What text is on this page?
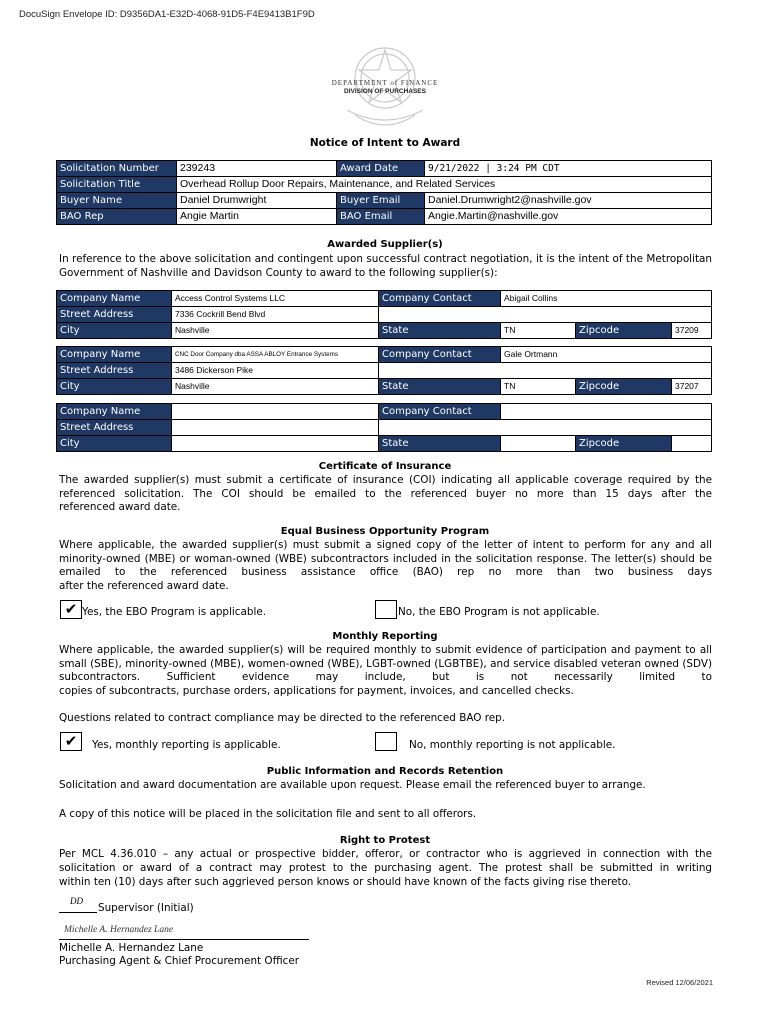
DocuSign Envelope ID: D9356DA1-E32D-4068-91D5-F4E9413B1F9D
DEPARTMENT of FINANCE
DIVISION OF PURCHASES
Notice of Intent to Award
Solicitation Number	239243	Award Date	9/21/2022 | 3:24 PM CDT
Solicitation Title	Overhead Rollup Door Repairs, Maintenance, and Related Services		
Buyer Name	Daniel Drumwright	Buyer Email	Daniel.Drumwright2@nashville.gov
BAO Rep	Angie Martin	BAO Email	Angie.Martin@nashville.gov
Awarded Supplier(s)
In reference to the above solicitation and contingent upon successful contract negotiation, it is the intent of the Metropolitan Government of Nashville and Davidson County to award to the following supplier(s):
Company Name	Access Control Systems LLC	Company Contact	Abigail Collins		
Street Address	7336 Cockrill Bend Blvd				
City	Nashville	State	TN	Zipcode	37209
Company Name	CNC Door Company dba ASSA ABLOY Entrance Systems	Company Contact	Gale Ortmann		
Street Address	3486 Dickerson Pike				
City	Nashville	State	TN	Zipcode	37207
Company Name		Company Contact			
Street Address					
City		State		Zipcode	
Certificate of Insurance
The awarded supplier(s) must submit a certificate of insurance (COI) indicating all applicable coverage required by the referenced solicitation. The COI should be emailed to the referenced buyer no more than 15 days after the
referenced award date.
Equal Business Opportunity Program
Where applicable, the awarded supplier(s) must submit a signed copy of the letter of intent to perform for any and all minority-owned (MBE) or woman-owned (WBE) subcontractors included in the solicitation response. The letter(s) should be emailed to the referenced business assistance office (BAO) rep no more than two business days
after the referenced award date.
✔ Yes, the EBO Program is applicable.	No, the EBO Program is not applicable.
Monthly Reporting
Where applicable, the awarded supplier(s) will be required monthly to submit evidence of participation and payment to all small (SBE), minority-owned (MBE), women-owned (WBE), LGBT-owned (LGBTBE), and service disabled veteran owned (SDV) subcontractors. Sufficient evidence may include, but is not necessarily limited to
copies of subcontracts, purchase orders, applications for payment, invoices, and cancelled checks.
Questions related to contract compliance may be directed to the referenced BAO rep.
✔	Yes, monthly reporting is applicable.	No, monthly reporting is not applicable.
Public Information and Records Retention
Solicitation and award documentation are available upon request. Please email the referenced buyer to arrange.
A copy of this notice will be placed in the solicitation file and sent to all offerors.
Right to Protest
Per MCL 4.36.010 – any actual or prospective bidder, offeror, or contractor who is aggrieved in connection with the solicitation or award of a contract may protest to the purchasing agent. The protest shall be submitted in writing
within ten (10) days after such aggrieved person knows or should have known of the facts giving rise thereto.
DD
Supervisor (Initial)
Michelle A. Hernandez Lane
Michelle A. Hernandez Lane
Purchasing Agent & Chief Procurement Officer
Revised 12/06/2021
